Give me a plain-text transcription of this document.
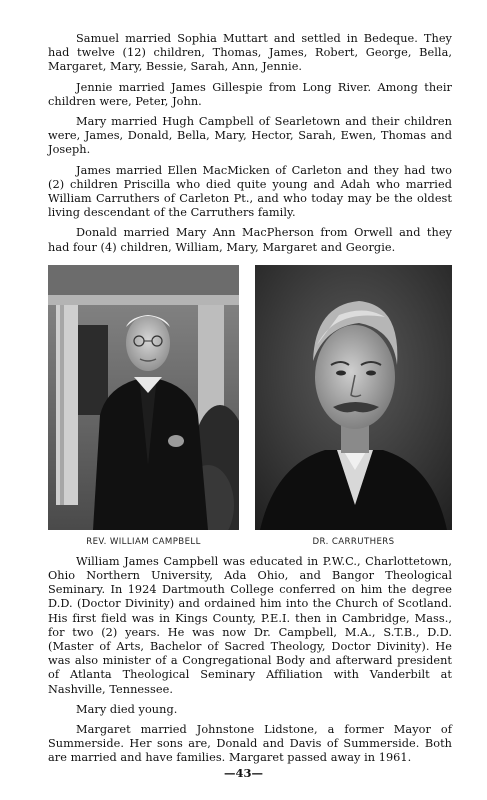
Samuel married Sophia Muttart and settled in Bedeque. They had twelve (12) children, Thomas, James, Robert, George, Bella, Margaret, Mary, Bessie, Sarah, Ann, Jennie.

Jennie married James Gillespie from Long River. Among their children were, Peter, John.

Mary married Hugh Campbell of Searletown and their children were, James, Donald, Bella, Mary, Hector, Sarah, Ewen, Thomas and Joseph.

James married Ellen MacMicken of Carleton and they had two (2) children Priscilla who died quite young and Adah who married William Carruthers of Carleton Pt., and who today may be the oldest living descendant of the Carruthers family.

Donald married Mary Ann MacPherson from Orwell and they had four (4) children, William, Mary, Margaret and Georgie.

REV. WILLIAM CAMPBELL	DR. CARRUTHERS

William James Campbell was educated in P.W.C., Charlottetown, Ohio Northern University, Ada Ohio, and Bangor Theological Seminary. In 1924 Dartmouth College conferred on him the degree D.D. (Doctor Divinity) and ordained him into the Church of Scotland. His first field was in Kings County, P.E.I. then in Cambridge, Mass., for two (2) years. He was now Dr. Campbell, M.A., S.T.B., D.D. (Master of Arts, Bachelor of Sacred Theology, Doctor Divinity). He was also minister of a Congregational Body and afterward president of Atlanta Theological Seminary Affiliation with Vanderbilt at Nashville, Tennessee.

Mary died young.

Margaret married Johnstone Lidstone, a former Mayor of Summerside. Her sons are, Donald and Davis of Summerside. Both are married and have families. Margaret passed away in 1961.

—43—
